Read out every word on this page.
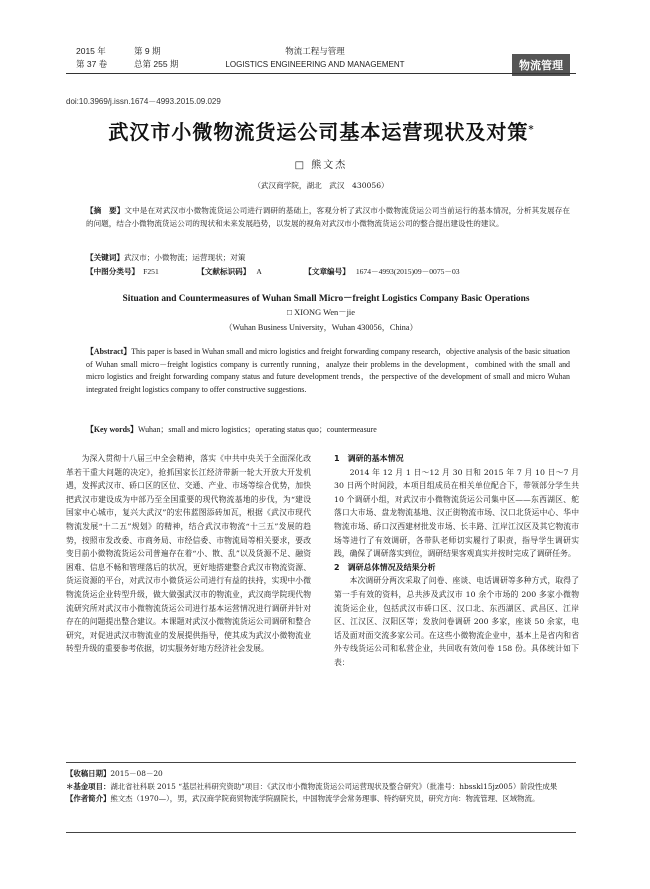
2015 年	第 9 期
第 37 卷	总第 255 期
物流工程与管理
LOGISTICS ENGINEERING AND MANAGEMENT	物流管理
doi:10.3969/j.issn.1674－4993.2015.09.029
武汉市小微物流货运公司基本运营现状及对策*
□ 熊文杰
（武汉商学院，湖北　武汉　430056）
【摘　要】文中是在对武汉市小微物流货运公司进行调研的基础上，客观分析了武汉市小微物流货运公司当前运行的基本情况，分析其发展存在的问题，结合小微物流货运公司的现状和未来发展趋势，以发展的视角对武汉市小微物流货运公司的整合提出建设性的建议。
【关键词】武汉市；小微物流；运营现状；对策
【中图分类号】 F251	【文献标识码】 A	【文章编号】 1674－4993(2015)09－0075－03
Situation and Countermeasures of Wuhan Small Micro－freight Logistics Company Basic Operations
□ XIONG Wen－jie
（Wuhan Business University，Wuhan 430056，China）
【Abstract】This paper is based in Wuhan small and micro logistics and freight forwarding company research，objective analysis of the basic situation of Wuhan small micro－freight logistics company is currently running，analyze their problems in the development，combined with the small and micro logistics and freight forwarding company status and future development trends，the perspective of the development of small and micro Wuhan integrated freight logistics company to offer constructive suggestions.
【Key words】Wuhan；small and micro logistics；operating status quo；countermeasure

为深入贯彻十八届三中全会精神，落实《中共中央关于全面深化改革若干重大问题的决定》，抢抓国家长江经济带新一轮大开放大开发机遇，发挥武汉市、硚口区的区位、交通、产业、市场等综合优势，加快把武汉市建设成为中部乃至全国重要的现代物流基地的步伐，为“建设国家中心城市，复兴大武汉”的宏伟蓝图添砖加瓦，根据《武汉市现代物流发展“十二五”规划》的精神，结合武汉市物流“十三五”发展的趋势，按照市发改委、市商务局、市经信委、市物流局等相关要求，要改变目前小微物流货运公司普遍存在着“小、散、乱”以及货源不足、融资困难、信息不畅和管理落后的状况，更好地搭建整合武汉市物流资源、货运资源的平台，对武汉市小微货运公司进行有益的扶持，实现中小微物流货运企业转型升级，做大做强武汉市的物流业，武汉商学院现代物流研究所对武汉市小微物流货运公司进行基本运营情况进行调研并针对存在的问题提出整合建议。本课题对武汉小微物流货运公司调研和整合研究，对促进武汉市物流业的发展提供指导，使其成为武汉小微物流业转型升级的重要参考依据，切实服务好地方经济社会发展。

1　调研的基本情况

2014 年 12 月 1 日～12 月 30 日和 2015 年 7 月 10 日～7 月 30 日两个时间段，本项目组成员在相关单位配合下，带领部分学生共 10 个调研小组，对武汉市小微物流货运公司集中区——东西湖区、舵落口大市场、盘龙物流基地、汉正街物流市场、汉口北货运中心、华中物流市场、硚口汉西建材批发市场、长丰路、江岸江汉区及其它物流市场等进行了有效调研，各带队老师切实履行了职责，指导学生调研实践，确保了调研落实到位，调研结果客观真实并按时完成了调研任务。

2　调研总体情况及结果分析

本次调研分两次采取了问卷、座谈、电话调研等多种方式，取得了第一手有效的资料，总共涉及武汉市 10 余个市场的 200 多家小微物流货运企业，包括武汉市硚口区、汉口北、东西湖区、武昌区、江岸区、江汉区、汉阳区等；发放问卷调研 200 多家，座谈 50 余家，电话及面对面交流多家公司。在这些小微物流企业中，基本上是省内和省外专线货运公司和私营企业，共回收有效问卷 158 份。具体统计如下表：

【收稿日期】2015－08－20
＊基金项目：湖北省社科联 2015 “基层社科研究资助”项目：《武汉市小微物流货运公司运营现状及整合研究》（批准号：hbsskl15jz005）阶段性成果
【作者简介】熊文杰（1970—），男，武汉商学院商贸物流学院副院长，中国物流学会常务理事、特约研究员，研究方向：物流管理、区域物流。
